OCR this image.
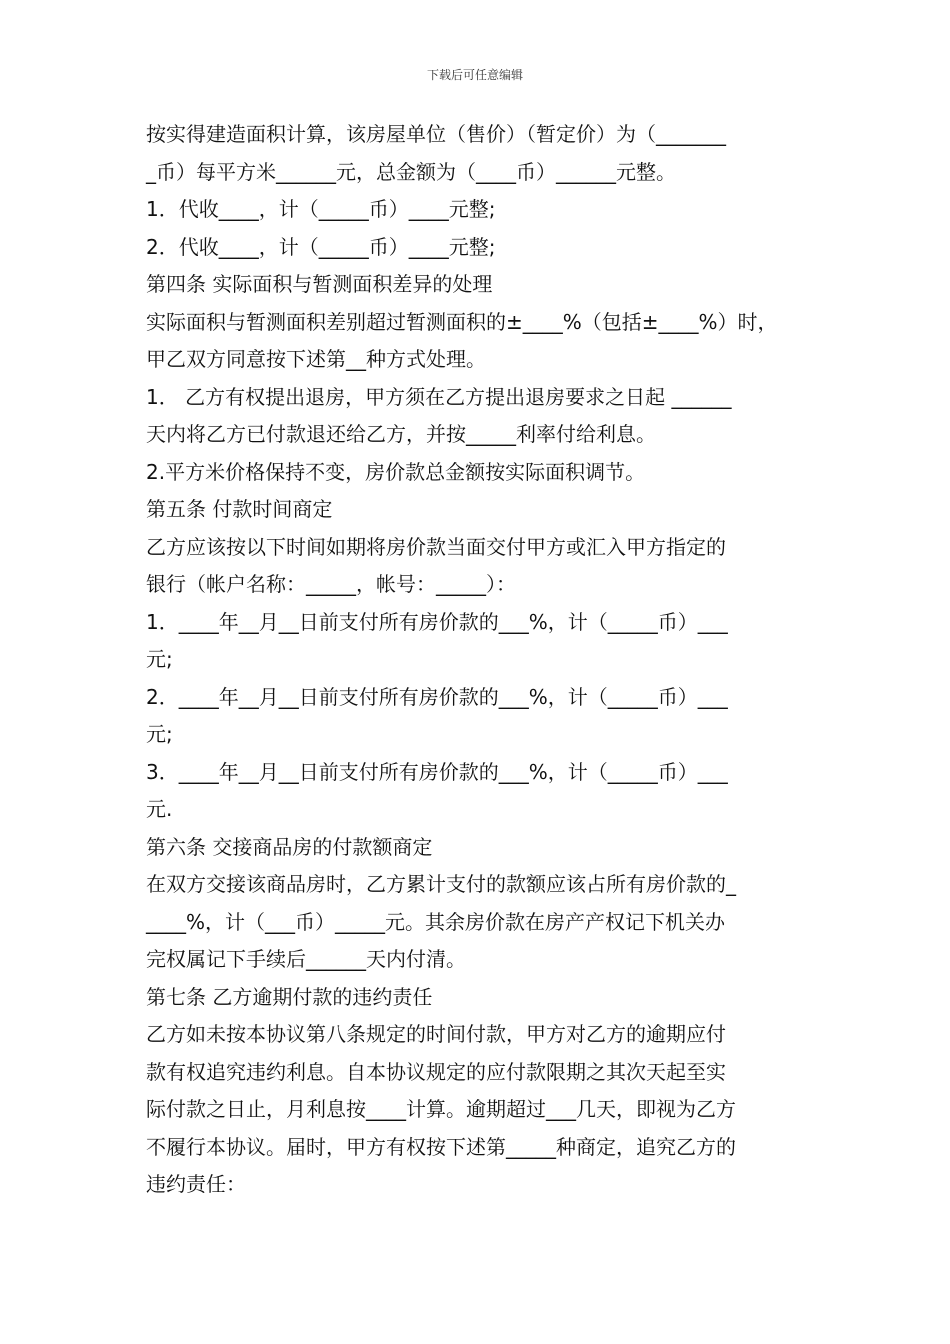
下载后可任意编辑
按实得建造面积计算，该房屋单位（售价）（暂定价）为（_______
_币）每平方米______元，总金额为（____币）______元整。
1．代收____，计（_____币）____元整;
2．代收____，计（_____币）____元整;
第四条 实际面积与暂测面积差异的处理
实际面积与暂测面积差别超过暂测面积的±____%（包括±____%）时，
甲乙双方同意按下述第__种方式处理。
1． 乙方有权提出退房，甲方须在乙方提出退房要求之日起 ______
天内将乙方已付款退还给乙方，并按_____利率付给利息。
2.平方米价格保持不变，房价款总金额按实际面积调节。
第五条 付款时间商定
乙方应该按以下时间如期将房价款当面交付甲方或汇入甲方指定的
银行（帐户名称：_____，帐号：_____）：
1．____年__月__日前支付所有房价款的___%，计（_____币）___
元;
2．____年__月__日前支付所有房价款的___%，计（_____币）___
元;
3．____年__月__日前支付所有房价款的___%，计（_____币）___
元.
第六条 交接商品房的付款额商定
在双方交接该商品房时，乙方累计支付的款额应该占所有房价款的_
____%，计（___币）_____元。其余房价款在房产产权记下机关办
完权属记下手续后______天内付清。
第七条 乙方逾期付款的违约责任
乙方如未按本协议第八条规定的时间付款，甲方对乙方的逾期应付
款有权追究违约利息。自本协议规定的应付款限期之其次天起至实
际付款之日止，月利息按____计算。逾期超过___几天，即视为乙方
不履行本协议。届时，甲方有权按下述第_____种商定，追究乙方的
违约责任：
